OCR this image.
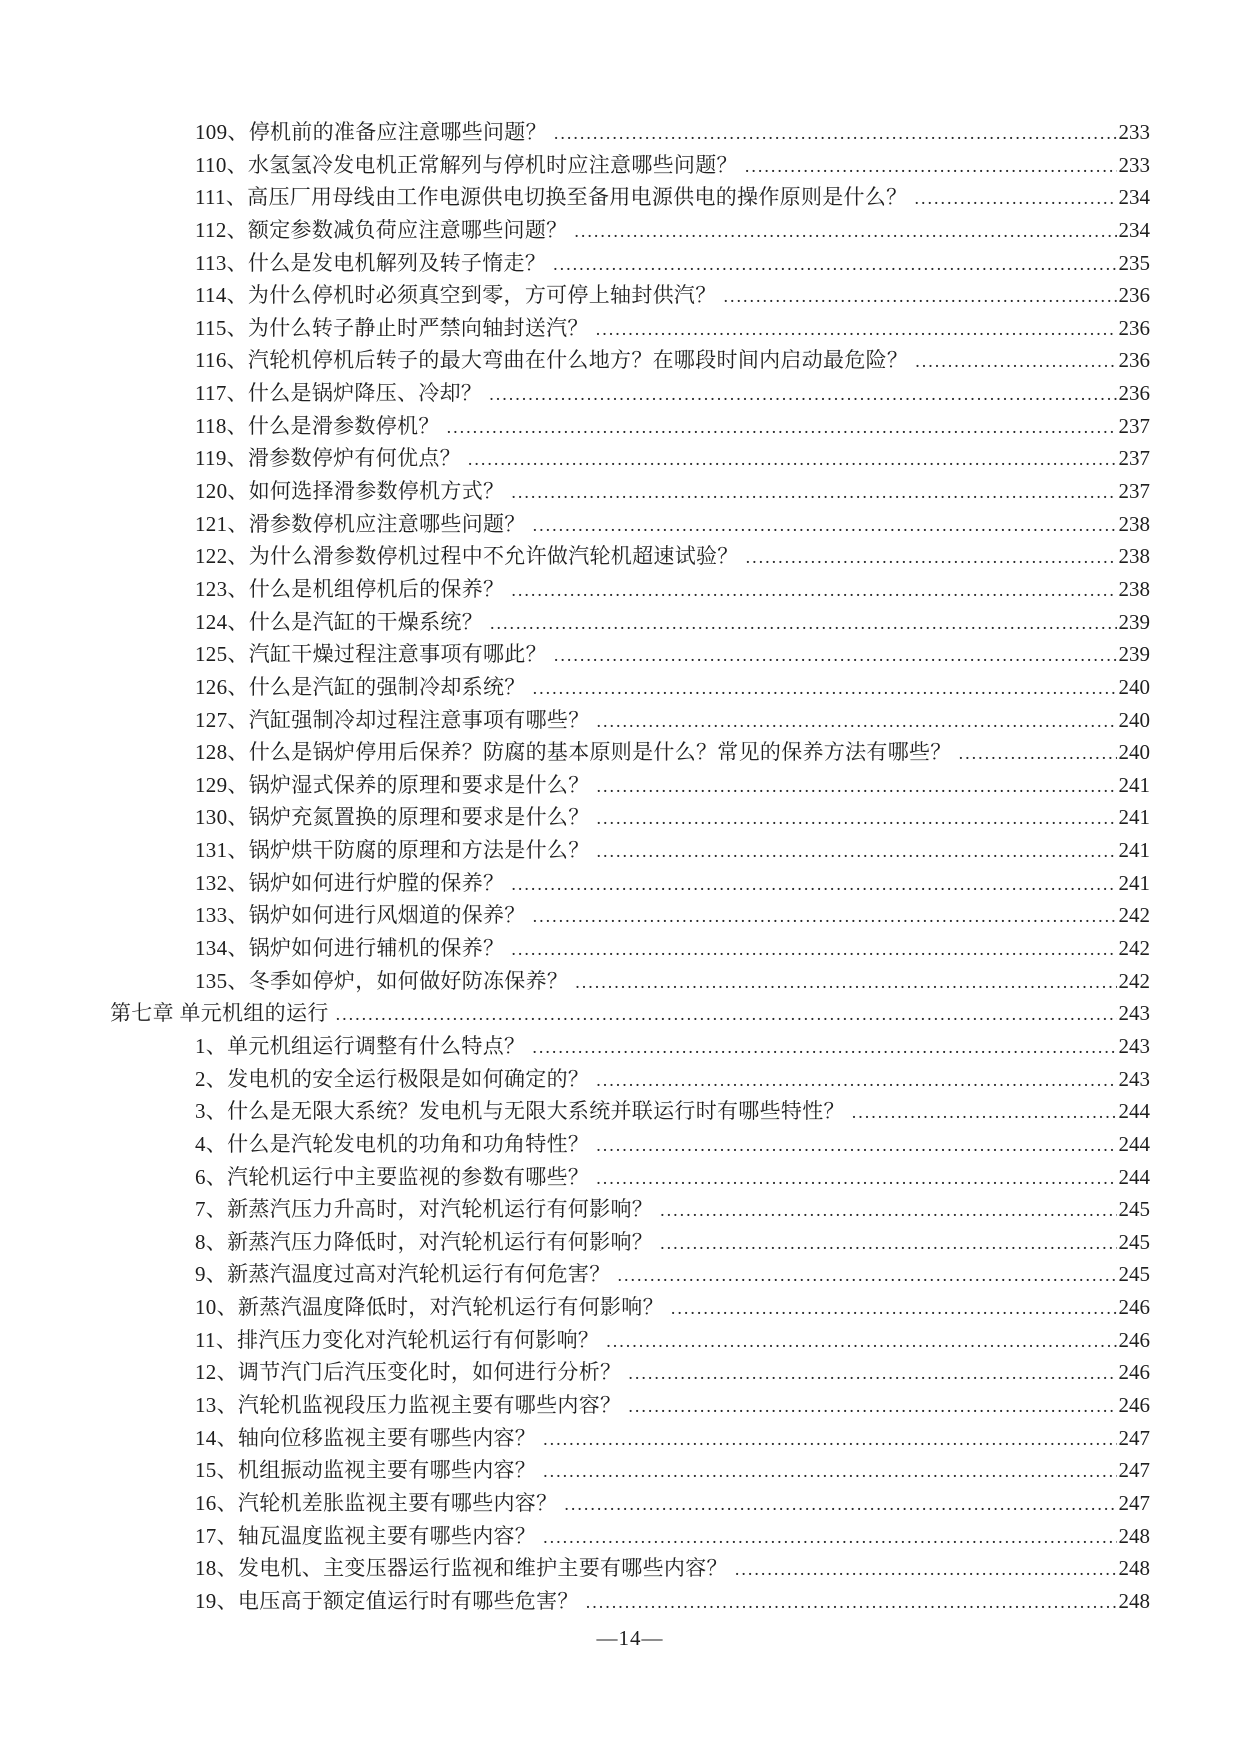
109、停机前的准备应注意哪些问题？ .....	233
110、水氢氢冷发电机正常解列与停机时应注意哪些问题？ .....	233
111、高压厂用母线由工作电源供电切换至备用电源供电的操作原则是什么？ .....	234
112、额定参数减负荷应注意哪些问题？ .....	234
113、什么是发电机解列及转子惰走？ .....	235
114、为什么停机时必须真空到零，方可停上轴封供汽？ .....	236
115、为什么转子静止时严禁向轴封送汽？ .....	236
116、汽轮机停机后转子的最大弯曲在什么地方？在哪段时间内启动最危险？ .....	236
117、什么是锅炉降压、冷却？ .....	236
118、什么是滑参数停机？ .....	237
119、滑参数停炉有何优点？ .....	237
120、如何选择滑参数停机方式？ .....	237
121、滑参数停机应注意哪些问题？ .....	238
122、为什么滑参数停机过程中不允许做汽轮机超速试验？ .....	238
123、什么是机组停机后的保养？ .....	238
124、什么是汽缸的干燥系统？ .....	239
125、汽缸干燥过程注意事项有哪此？ .....	239
126、什么是汽缸的强制冷却系统？ .....	240
127、汽缸强制冷却过程注意事项有哪些？ .....	240
128、什么是锅炉停用后保养？防腐的基本原则是什么？常见的保养方法有哪些？ .....	240
129、锅炉湿式保养的原理和要求是什么？ .....	241
130、锅炉充氮置换的原理和要求是什么？ .....	241
131、锅炉烘干防腐的原理和方法是什么？ .....	241
132、锅炉如何进行炉膛的保养？ .....	241
133、锅炉如何进行风烟道的保养？ .....	242
134、锅炉如何进行辅机的保养？ .....	242
135、冬季如停炉，如何做好防冻保养？ .....	242
第七章 单元机组的运行 .....	243
1、单元机组运行调整有什么特点？ .....	243
2、发电机的安全运行极限是如何确定的？ .....	243
3、什么是无限大系统？发电机与无限大系统并联运行时有哪些特性？ .....	244
4、什么是汽轮发电机的功角和功角特性？ .....	244
6、汽轮机运行中主要监视的参数有哪些？ .....	244
7、新蒸汽压力升高时，对汽轮机运行有何影响？ .....	245
8、新蒸汽压力降低时，对汽轮机运行有何影响？ .....	245
9、新蒸汽温度过高对汽轮机运行有何危害？ .....	245
10、新蒸汽温度降低时，对汽轮机运行有何影响？ .....	246
11、排汽压力变化对汽轮机运行有何影响？ .....	246
12、调节汽门后汽压变化时，如何进行分析？ .....	246
13、汽轮机监视段压力监视主要有哪些内容？ .....	246
14、轴向位移监视主要有哪些内容？ .....	247
15、机组振动监视主要有哪些内容？ .....	247
16、汽轮机差胀监视主要有哪些内容？ .....	247
17、轴瓦温度监视主要有哪些内容？ .....	248
18、发电机、主变压器运行监视和维护主要有哪些内容？ .....	248
19、电压高于额定值运行时有哪些危害？ .....	248
—14—
